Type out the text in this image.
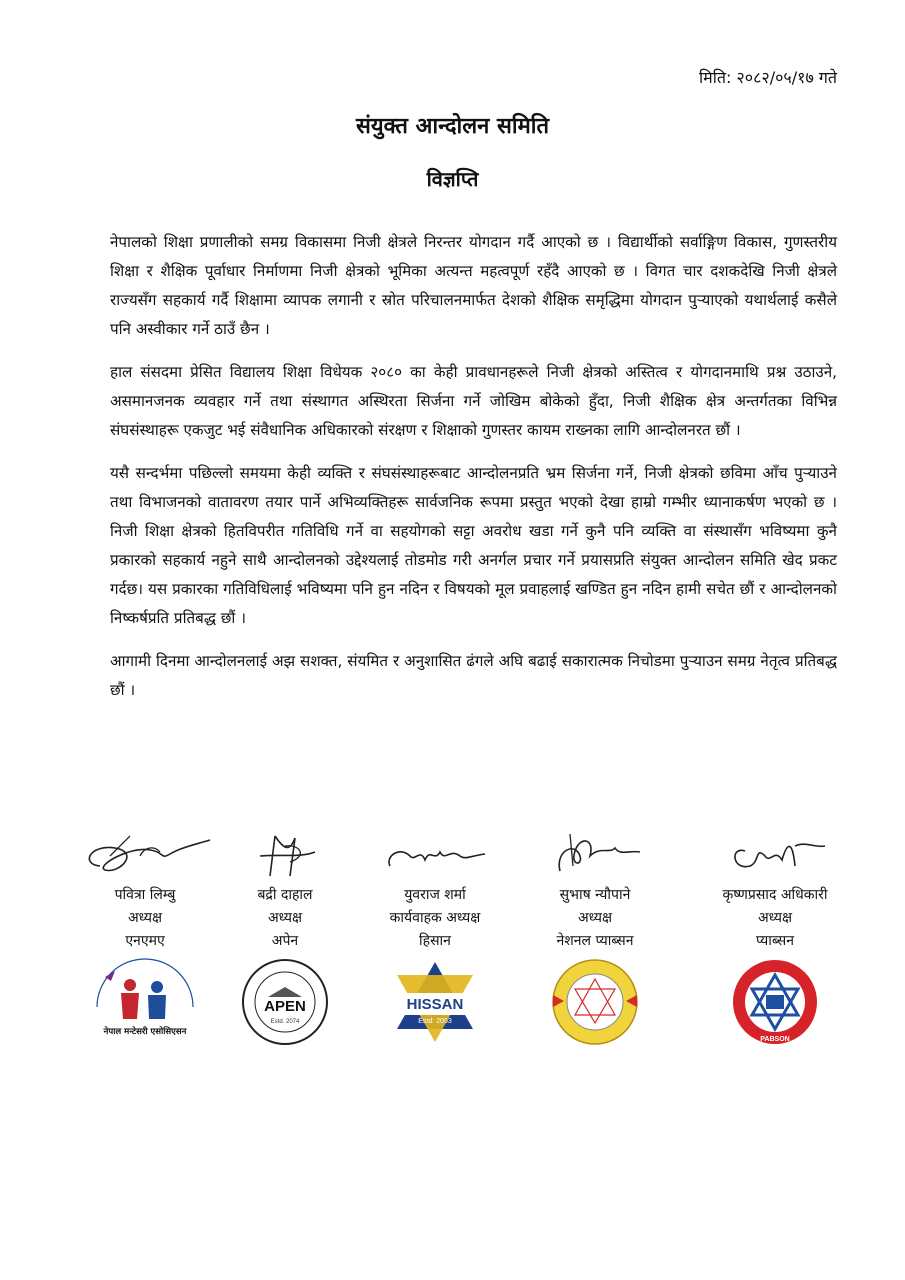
मिति: २०८२/०५/१७ गते
संयुक्त आन्दोलन समिति
विज्ञप्ति

नेपालको शिक्षा प्रणालीको समग्र विकासमा निजी क्षेत्रले निरन्तर योगदान गर्दै आएको छ । विद्यार्थीको सर्वाङ्गिण विकास, गुणस्तरीय शिक्षा र शैक्षिक पूर्वाधार निर्माणमा निजी क्षेत्रको भूमिका अत्यन्त महत्वपूर्ण रहँदै आएको छ । विगत चार दशकदेखि निजी क्षेत्रले राज्यसँग सहकार्य गर्दै शिक्षामा व्यापक लगानी र स्रोत परिचालनमार्फत देशको शैक्षिक समृद्धिमा योगदान पुऱ्याएको यथार्थलाई कसैले पनि अस्वीकार गर्ने ठाउँ छैन ।

हाल संसदमा प्रेसित विद्यालय शिक्षा विधेयक २०८० का केही प्रावधानहरूले निजी क्षेत्रको अस्तित्व र योगदानमाथि प्रश्न उठाउने, असमानजनक व्यवहार गर्ने तथा संस्थागत अस्थिरता सिर्जना गर्ने जोखिम बोकेको हुँदा, निजी शैक्षिक क्षेत्र अन्तर्गतका विभिन्न संघसंस्थाहरू एकजुट भई संवैधानिक अधिकारको संरक्षण र शिक्षाको गुणस्तर कायम राख्नका लागि आन्दोलनरत छौं ।

यसै सन्दर्भमा पछिल्लो समयमा केही व्यक्ति र संघसंस्थाहरूबाट आन्दोलनप्रति भ्रम सिर्जना गर्ने, निजी क्षेत्रको छविमा आँच पुऱ्याउने तथा विभाजनको वातावरण तयार पार्ने अभिव्यक्तिहरू सार्वजनिक रूपमा प्रस्तुत भएको देखा हाम्रो गम्भीर ध्यानाकर्षण भएको छ । निजी शिक्षा क्षेत्रको हितविपरीत गतिविधि गर्ने वा सहयोगको सट्टा अवरोध खडा गर्ने कुनै पनि व्यक्ति वा संस्थासँग भविष्यमा कुनै प्रकारको सहकार्य नहुने साथै आन्दोलनको उद्देश्यलाई तोडमोड गरी अनर्गल प्रचार गर्ने प्रयासप्रति संयुक्त आन्दोलन समिति खेद प्रकट गर्दछ। यस प्रकारका गतिविधिलाई भविष्यमा पनि हुन नदिन र विषयको मूल प्रवाहलाई खण्डित हुन नदिन हामी सचेत छौं र आन्दोलनको निष्कर्षप्रति प्रतिबद्ध छौं ।

आगामी दिनमा आन्दोलनलाई अझ सशक्त, संयमित र अनुशासित ढंगले अघि बढाई सकारात्मक निचोडमा पुऱ्याउन समग्र नेतृत्व प्रतिबद्ध छौं ।

पवित्रा लिम्बु
अध्यक्ष
एनएमए
नेपाल मन्टेसरी एसोसिएसन
बद्री दाहाल
अध्यक्ष
अपेन
APEN
Estd. 2074
युवराज शर्मा
कार्यवाहक अध्यक्ष
हिसान
HISSAN
Estd: 2053
सुभाष न्यौपाने
अध्यक्ष
नेशनल प्याब्सन
कृष्णप्रसाद अधिकारी
अध्यक्ष
प्याब्सन
PABSON
